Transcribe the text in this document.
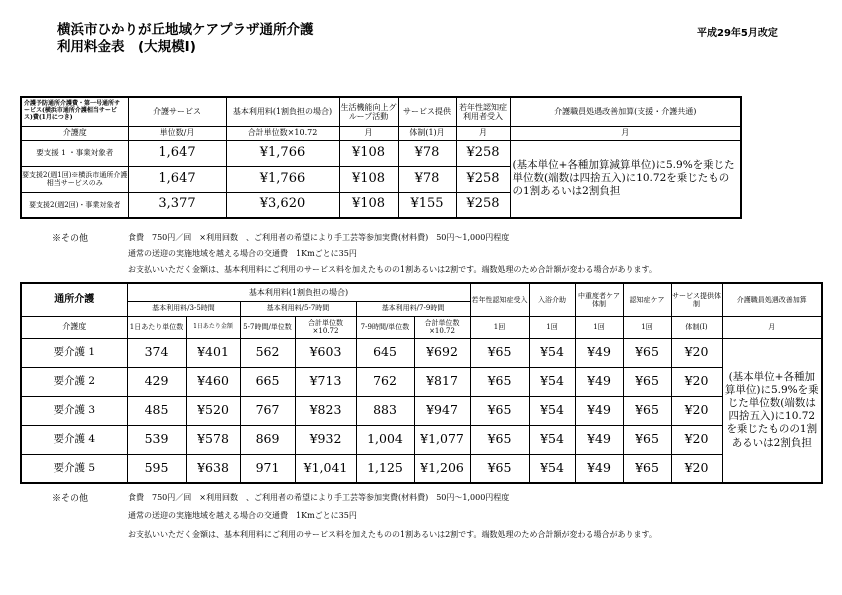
横浜市ひかりが丘地域ケアプラザ通所介護
利用料金表　(大規模Ⅰ)
平成29年5月改定
介護予防通所介護費・第一号通所サービス(横浜市通所介護相当サービス)費(1月につき)	介護サービス	基本利用料(1割負担の場合)	生活機能向上グループ活動	サービス提供	若年性認知症利用者受入	介護職員処遇改善加算(支援・介護共通)
介護度	単位数/月	合計単位数×10.72	月	体制(1)月	月	月
要支援 1 ・事業対象者	1,647	¥1,766	¥108	¥78	¥258	(基本単位+各種加算減算単位)に5.9%を乗じた単位数(端数は四捨五入)に10.72を乗じたものの1割あるいは2割負担
要支援2(週1回)※横浜市通所介護相当サービスのみ	1,647	¥1,766	¥108	¥78	¥258	
要支援2(週2回)・事業対象者	3,377	¥3,620	¥108	¥155	¥258	
※その他	食費　750円／回　×利用回数　、ご利用者の希望により手工芸等参加実費(材料費)　50円～1,000円程度
通常の送迎の実施地域を越える場合の交通費　1Kmごとに35円
お支払いいただく金額は、基本利用料にご利用のサービス料を加えたものの1割あるいは2割です。端数処理のため合計額が変わる場合があります。
通所介護	基本利用料(1割負担の場合)						若年性認知症受入	入浴介助	中重度者ケア体制	認知症ケア	サービス提供体制	介護職員処遇改善加算
	基本利用料/3-5時間		基本利用料/5-7時間		基本利用料/7-9時間							
介護度	1日あたり単位数	1日あたり金額	5-7時間/単位数	合計単位数×10.72	7-9時間/単位数	合計単位数×10.72	1回	1回	1回	1回	体制(Ⅰ)	月
要介護 1	374	¥401	562	¥603	645	¥692	¥65	¥54	¥49	¥65	¥20	(基本単位+各種加算単位)に5.9%を乗じた単位数(端数は四捨五入)に10.72を乗じたものの1割あるいは2割負担
要介護 2	429	¥460	665	¥713	762	¥817	¥65	¥54	¥49	¥65	¥20	
要介護 3	485	¥520	767	¥823	883	¥947	¥65	¥54	¥49	¥65	¥20	
要介護 4	539	¥578	869	¥932	1,004	¥1,077	¥65	¥54	¥49	¥65	¥20	
要介護 5	595	¥638	971	¥1,041	1,125	¥1,206	¥65	¥54	¥49	¥65	¥20	
※その他	食費　750円／回　×利用回数　、ご利用者の希望により手工芸等参加実費(材料費)　50円～1,000円程度
通常の送迎の実施地域を越える場合の交通費　1Kmごとに35円
お支払いいただく金額は、基本利用料にご利用のサービス料を加えたものの1割あるいは2割です。端数処理のため合計額が変わる場合があります。
